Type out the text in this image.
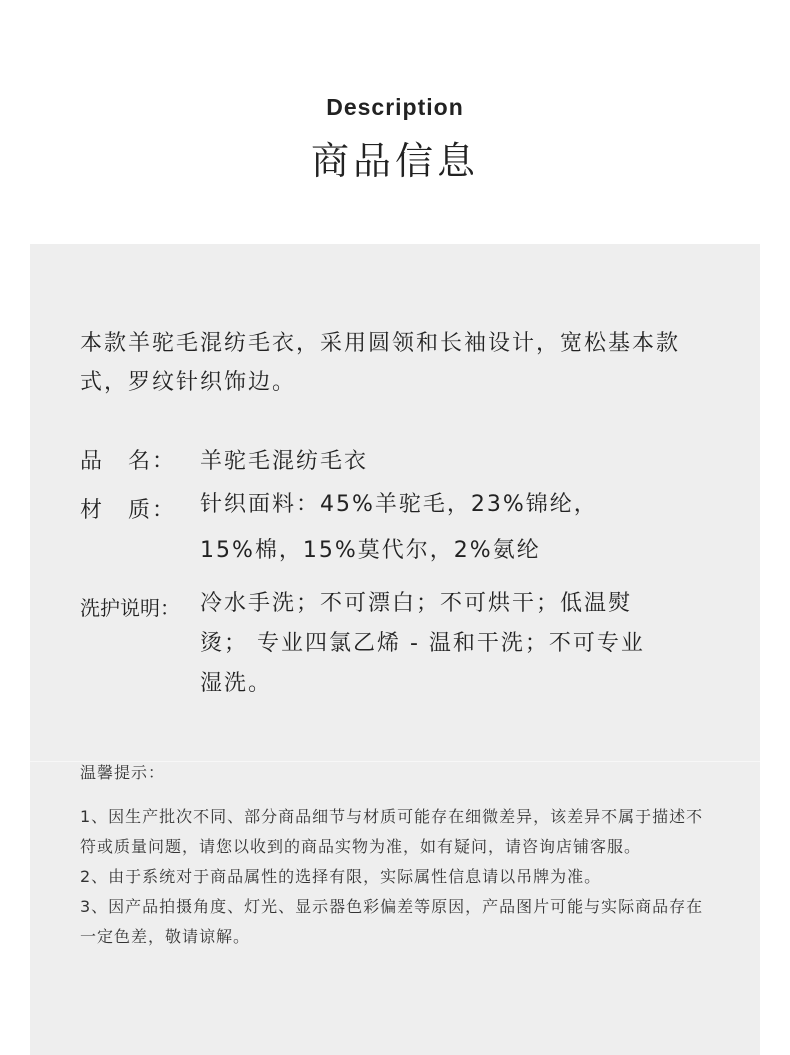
Description
商品信息
本款羊驼毛混纺毛衣，采用圆领和长袖设计，宽松基本款式，罗纹针织饰边。
品　名： 羊驼毛混纺毛衣
材　质： 针织面料：45%羊驼毛，23%锦纶，15%棉，15%莫代尔，2%氨纶
洗护说明： 冷水手洗；不可漂白；不可烘干；低温熨烫； 专业四氯乙烯 - 温和干洗；不可专业湿洗。
温馨提示：
1、因生产批次不同、部分商品细节与材质可能存在细微差异，该差异不属于描述不符或质量问题，请您以收到的商品实物为准，如有疑问，请咨询店铺客服。
2、由于系统对于商品属性的选择有限，实际属性信息请以吊牌为准。
3、因产品拍摄角度、灯光、显示器色彩偏差等原因，产品图片可能与实际商品存在一定色差，敬请谅解。
